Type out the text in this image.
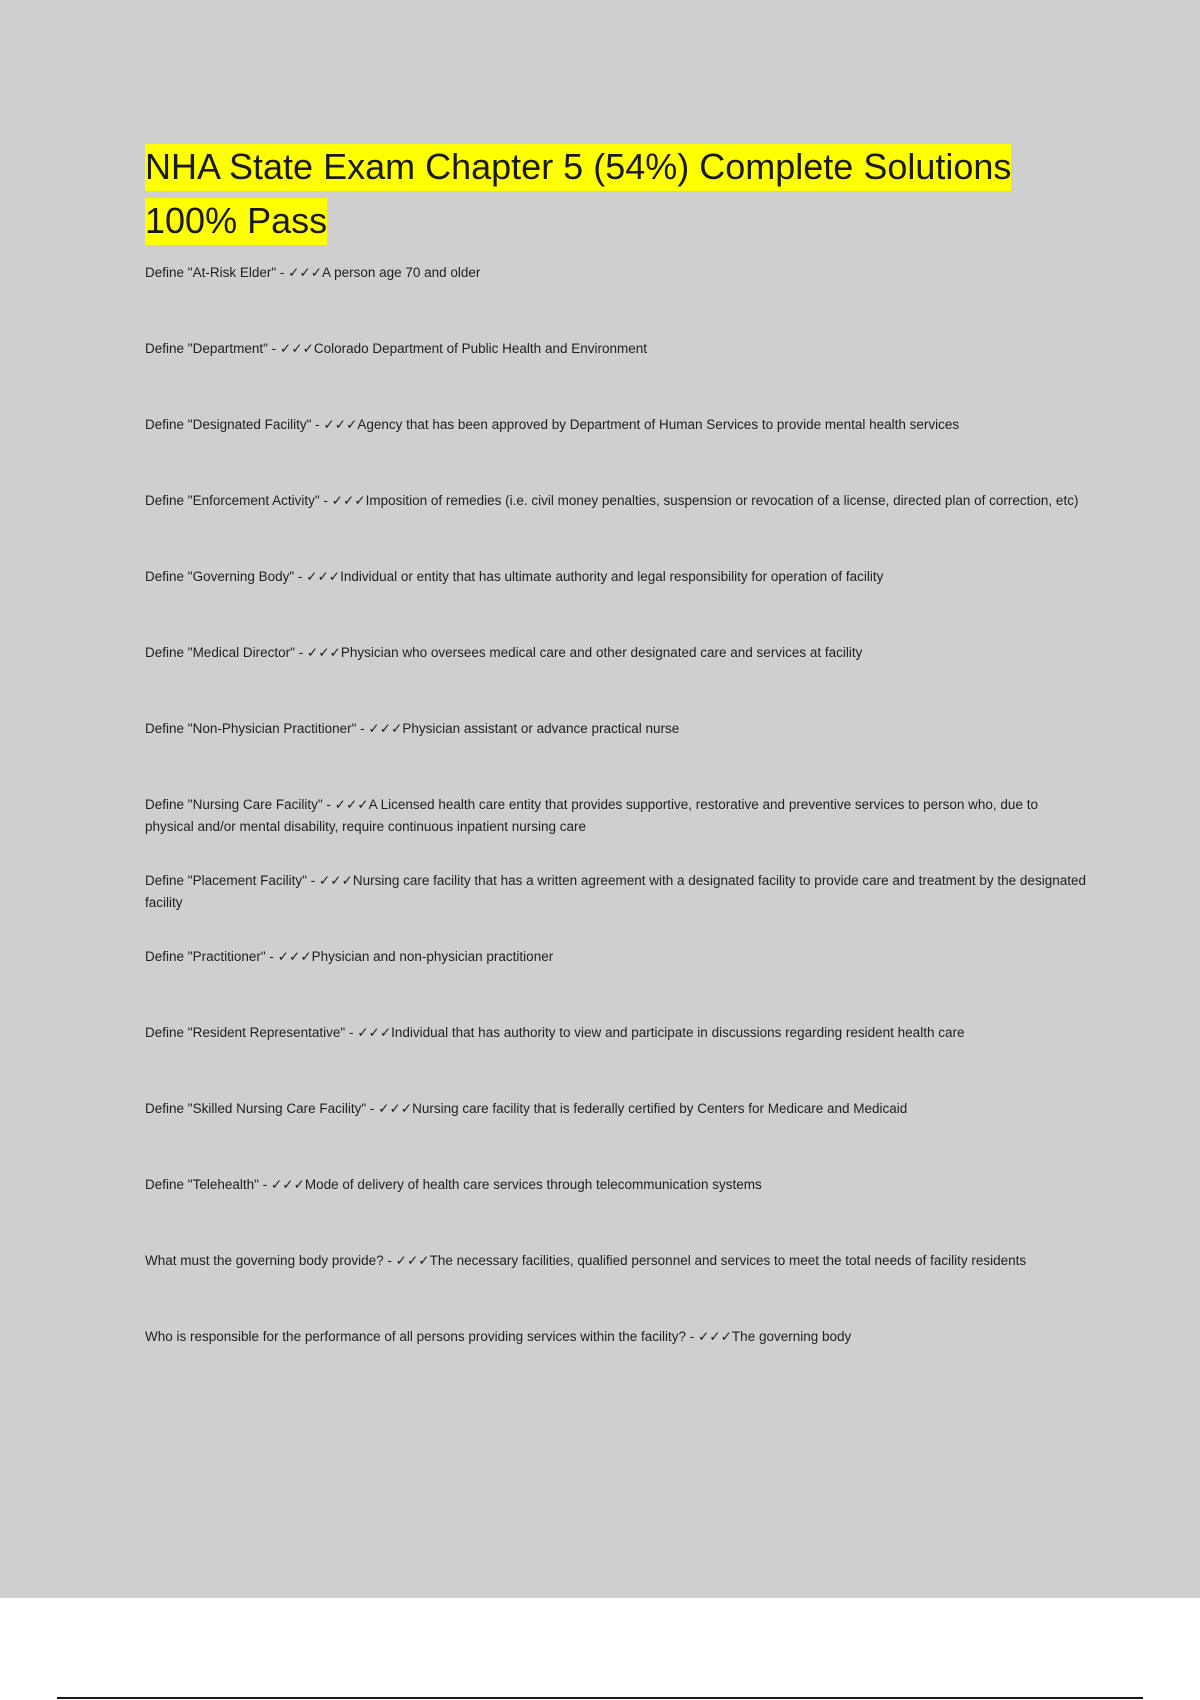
NHA State Exam Chapter 5 (54%) Complete Solutions 100% Pass
Define "At-Risk Elder" - ✓✓✓A person age 70 and older
Define "Department" - ✓✓✓Colorado Department of Public Health and Environment
Define "Designated Facility" - ✓✓✓Agency that has been approved by Department of Human Services to provide mental health services
Define "Enforcement Activity" - ✓✓✓Imposition of remedies (i.e. civil money penalties, suspension or revocation of a license, directed plan of correction, etc)
Define "Governing Body" - ✓✓✓Individual or entity that has ultimate authority and legal responsibility for operation of facility
Define "Medical Director" - ✓✓✓Physician who oversees medical care and other designated care and services at facility
Define "Non-Physician Practitioner" - ✓✓✓Physician assistant or advance practical nurse
Define "Nursing Care Facility" - ✓✓✓A Licensed health care entity that provides supportive, restorative and preventive services to person who, due to physical and/or mental disability, require continuous inpatient nursing care
Define "Placement Facility" - ✓✓✓Nursing care facility that has a written agreement with a designated facility to provide care and treatment by the designated facility
Define "Practitioner" - ✓✓✓Physician and non-physician practitioner
Define "Resident Representative" - ✓✓✓Individual that has authority to view and participate in discussions regarding resident health care
Define "Skilled Nursing Care Facility" - ✓✓✓Nursing care facility that is federally certified by Centers for Medicare and Medicaid
Define "Telehealth" - ✓✓✓Mode of delivery of health care services through telecommunication systems
What must the governing body provide? - ✓✓✓The necessary facilities, qualified personnel and services to meet the total needs of facility residents
Who is responsible for the performance of all persons providing services within the facility? - ✓✓✓The governing body
